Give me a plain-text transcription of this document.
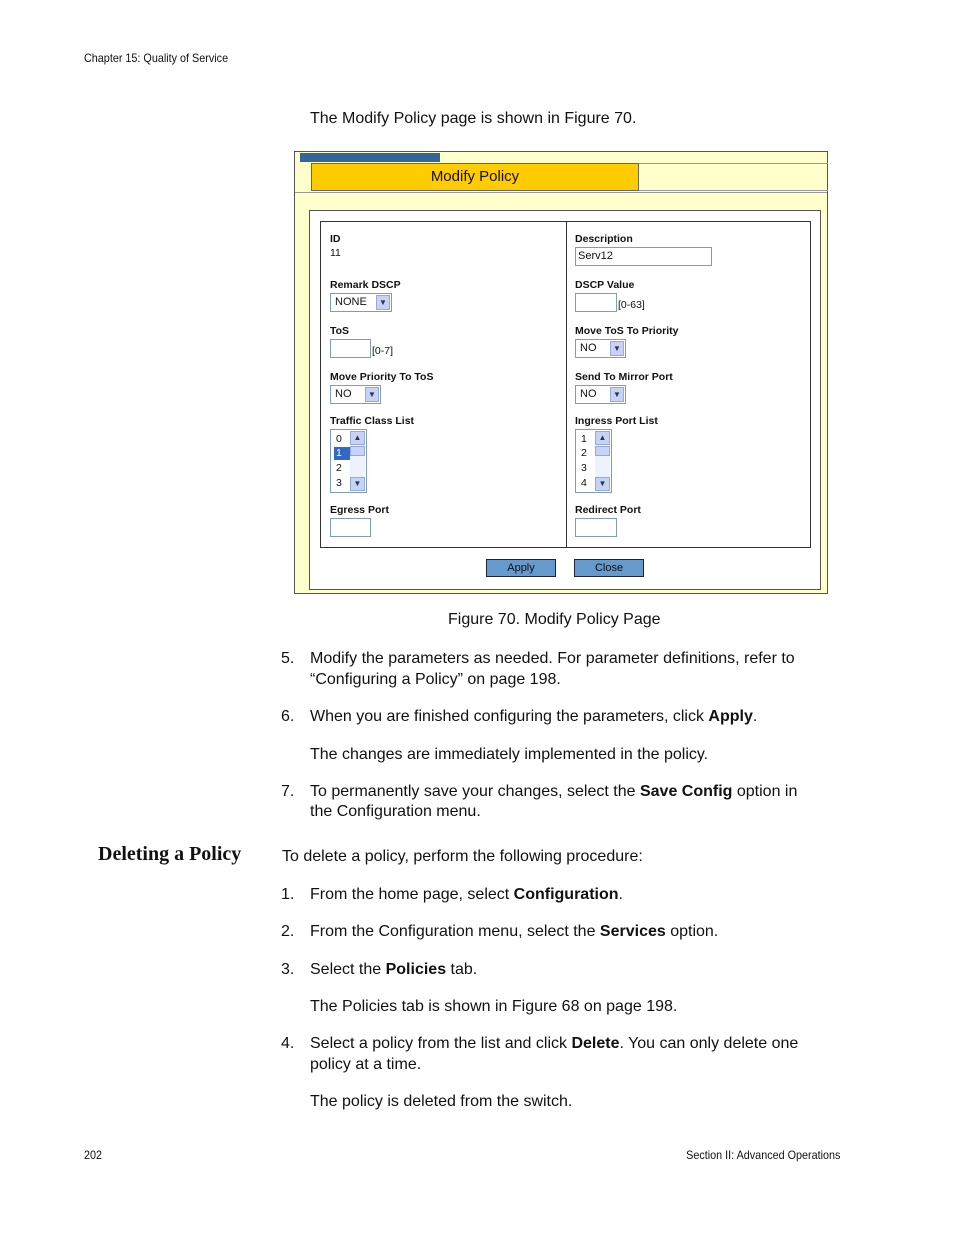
Chapter 15: Quality of Service
The Modify Policy page is shown in Figure 70.
Modify Policy
ID
11
Remark DSCP
NONE	▼
ToS
[0-7]
Move Priority To ToS
NO	▼
Traffic Class List
0
1
2
3
▲
▼
Egress Port
Description
Serv12
DSCP Value
[0-63]
Move ToS To Priority
NO	▼
Send To Mirror Port
NO	▼
Ingress Port List
1
2
3
4
▲
▼
Redirect Port
Apply	Close
Figure 70. Modify Policy Page
5. Modify the parameters as needed. For parameter definitions, refer to
“Configuring a Policy” on page 198.
6. When you are finished configuring the parameters, click Apply.
The changes are immediately implemented in the policy.
7. To permanently save your changes, select the Save Config option in
the Configuration menu.
Deleting a Policy	To delete a policy, perform the following procedure:
1. From the home page, select Configuration.
2. From the Configuration menu, select the Services option.
3. Select the Policies tab.
The Policies tab is shown in Figure 68 on page 198.
4. Select a policy from the list and click Delete. You can only delete one
policy at a time.
The policy is deleted from the switch.
202	Section II: Advanced Operations
